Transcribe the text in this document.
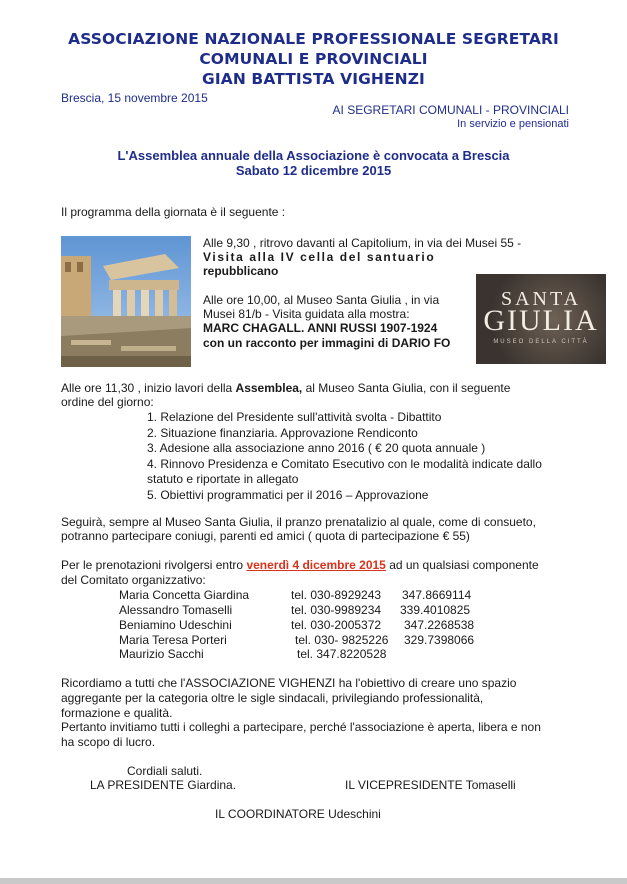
ASSOCIAZIONE NAZIONALE PROFESSIONALE SEGRETARI
COMUNALI E PROVINCIALI
GIAN BATTISTA VIGHENZI
Brescia, 15 novembre 2015
AI SEGRETARI COMUNALI - PROVINCIALI
In servizio e pensionati
L'Assemblea annuale della Associazione è convocata a Brescia
Sabato 12 dicembre 2015
Il programma della giornata è il seguente :
Alle 9,30 , ritrovo davanti al Capitolium, in via dei Musei 55 -
Visita alla IV cella del santuario
repubblicano
Alle ore 10,00, al Museo Santa Giulia , in via
Musei 81/b - Visita guidata alla mostra:
MARC CHAGALL. ANNI RUSSI 1907-1924
con un racconto per immagini di DARIO FO
SANTA
GIULIA
MUSEO DELLA CITTÀ
Alle ore 11,30 , inizio lavori della Assemblea, al Museo Santa Giulia, con il seguente
ordine del giorno:
1. Relazione del Presidente sull'attività svolta - Dibattito
2. Situazione finanziaria. Approvazione Rendiconto
3. Adesione alla associazione anno 2016 ( € 20 quota annuale )
4. Rinnovo Presidenza e Comitato Esecutivo con le modalità indicate dallo
statuto e riportate in allegato
5. Obiettivi programmatici per il 2016 – Approvazione
Seguirà, sempre al Museo Santa Giulia, il pranzo prenatalizio al quale, come di consueto,
potranno partecipare coniugi, parenti ed amici ( quota di partecipazione € 55)
Per le prenotazioni rivolgersi entro venerdì 4 dicembre 2015 ad un qualsiasi componente
del Comitato organizzativo:
Maria Concetta Giardina	tel. 030-8929243 347.8669114
Alessandro Tomaselli	tel. 030-9989234 339.4010825
Beniamino Udeschini	tel. 030-2005372 347.2268538
Maria Teresa Porteri	tel. 030- 9825226 329.7398066
Maurizio Sacchi	tel. 347.8220528
Ricordiamo a tutti che l'ASSOCIAZIONE VIGHENZI ha l'obiettivo di creare uno spazio
aggregante per la categoria oltre le sigle sindacali, privilegiando professionalità,
formazione e qualità.
Pertanto invitiamo tutti i colleghi a partecipare, perché l'associazione è aperta, libera e non
ha scopo di lucro.
Cordiali saluti.
LA PRESIDENTE Giardina.	IL VICEPRESIDENTE Tomaselli
IL COORDINATORE Udeschini
